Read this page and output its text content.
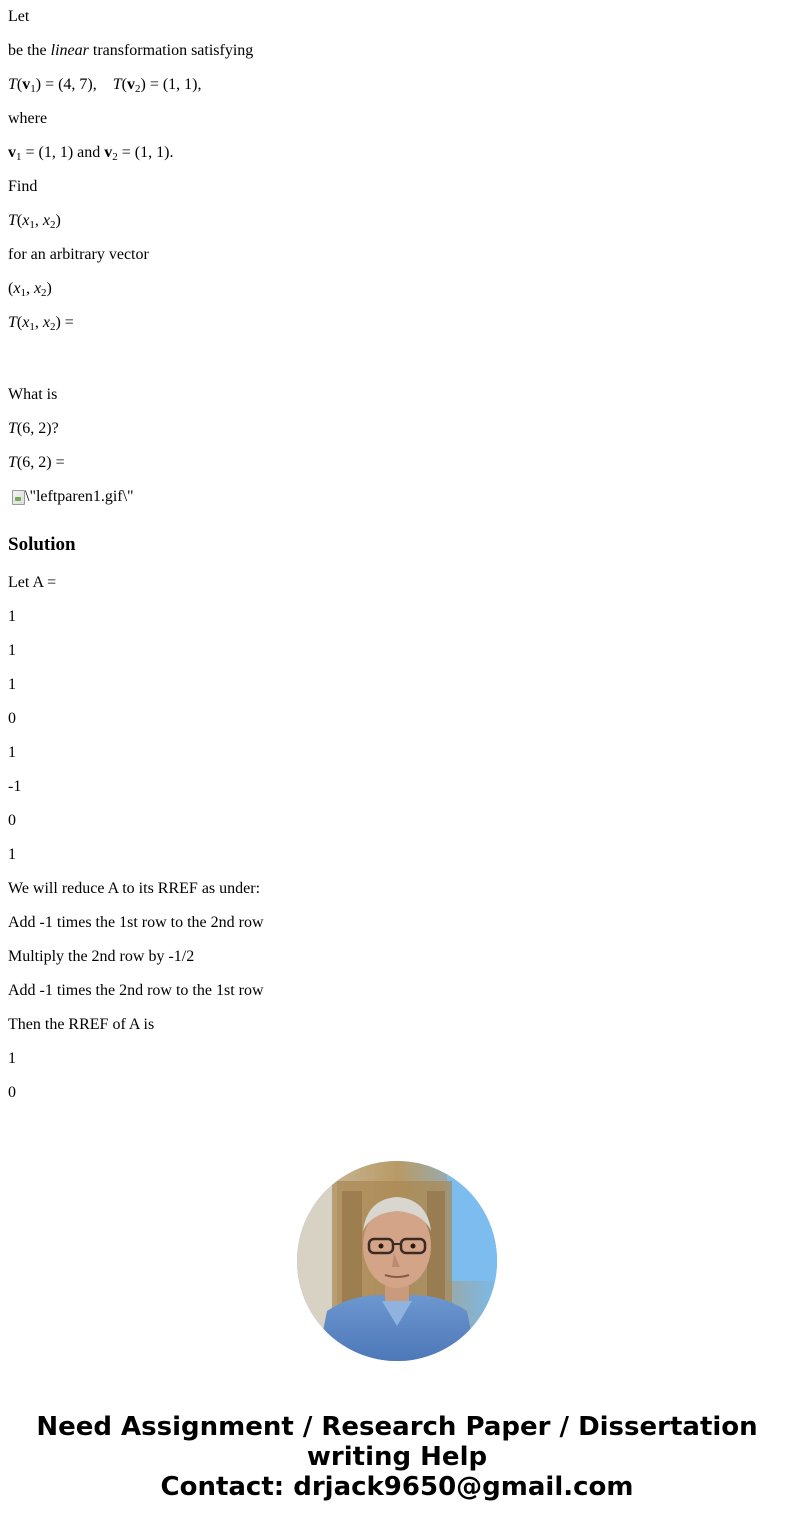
Let

be the linear transformation satisfying

$T(v_1) = (4$, 7), $T(v_2) = (1$, 1),

where

$v_1 = (1$, 1) and $v_2 = (1$, 1).

Find

$T(x_1$, $x_2$)

for an arbitrary vector

($x_1$, $x_2$)

$T(x_1$, $x_2$) =

What is

T(6, 2)?

T(6, 2) =

\"leftparen1.gif\"

Solution

Let A =

1

1

1

0

1

-1

0

1

We will reduce A to its RREF as under:

Add -1 times the 1st row to the 2nd row

Multiply the 2nd row by -1/2

Add -1 times the 2nd row to the 1st row

Then the RREF of A is

1

0

Need Assignment / Research Paper / Dissertation
writing Help
Contact: drjack9650@gmail.com
